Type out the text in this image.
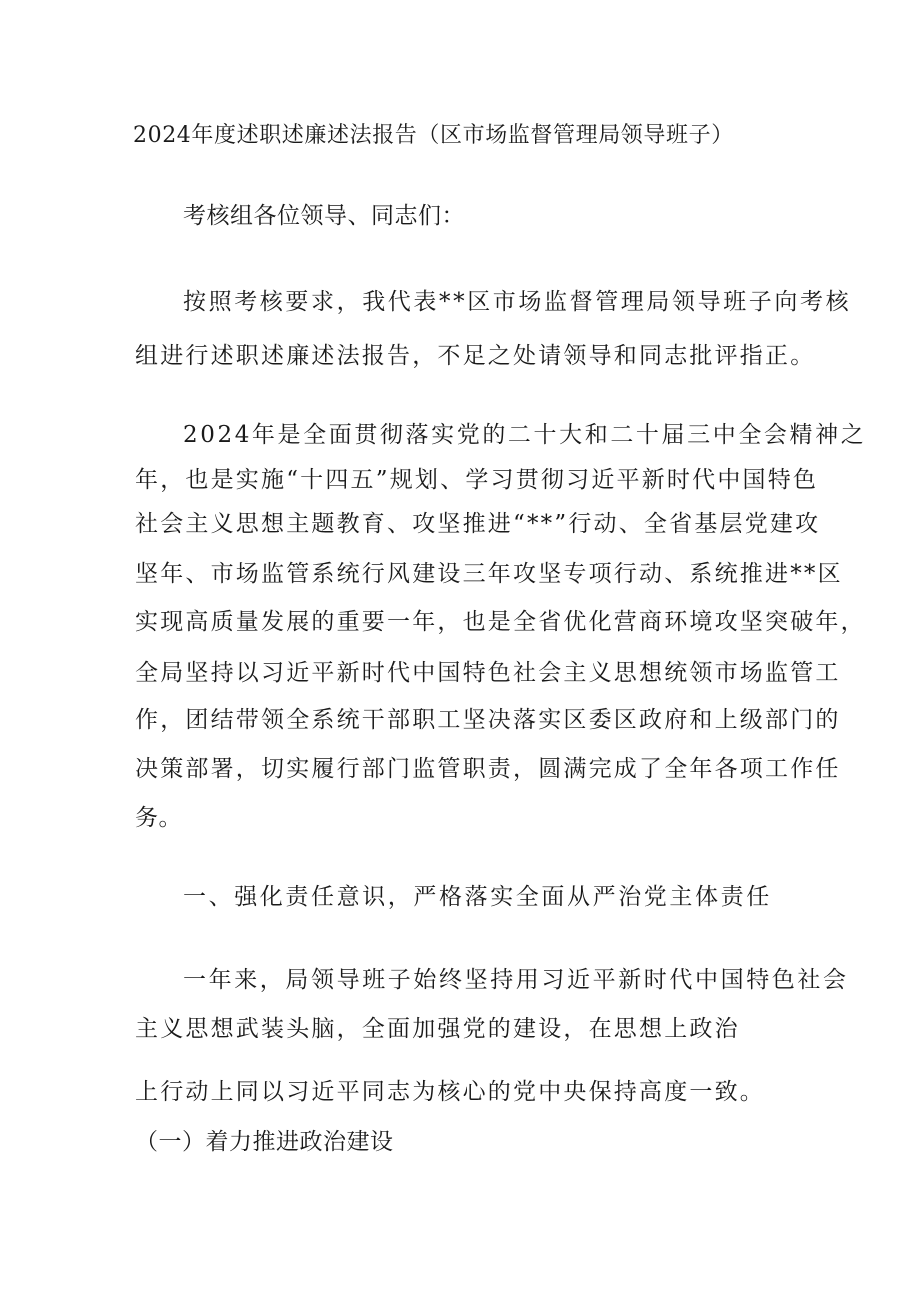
2024年度述职述廉述法报告（区市场监督管理局领导班子）

考核组各位领导、同志们：

按照考核要求，我代表**区市场监督管理局领导班子向考核

组进行述职述廉述法报告，不足之处请领导和同志批评指正。

2024年是全面贯彻落实党的二十大和二十届三中全会精神之

年，也是实施“十四五”规划、学习贯彻习近平新时代中国特色

社会主义思想主题教育、攻坚推进“**”行动、全省基层党建攻

坚年、市场监管系统行风建设三年攻坚专项行动、系统推进**区

实现高质量发展的重要一年，也是全省优化营商环境攻坚突破年，

全局坚持以习近平新时代中国特色社会主义思想统领市场监管工

作，团结带领全系统干部职工坚决落实区委区政府和上级部门的

决策部署，切实履行部门监管职责，圆满完成了全年各项工作任

务。

一、强化责任意识，严格落实全面从严治党主体责任

一年来，局领导班子始终坚持用习近平新时代中国特色社会

主义思想武装头脑，全面加强党的建设，在思想上政治

上行动上同以习近平同志为核心的党中央保持高度一致。

（一）着力推进政治建设
